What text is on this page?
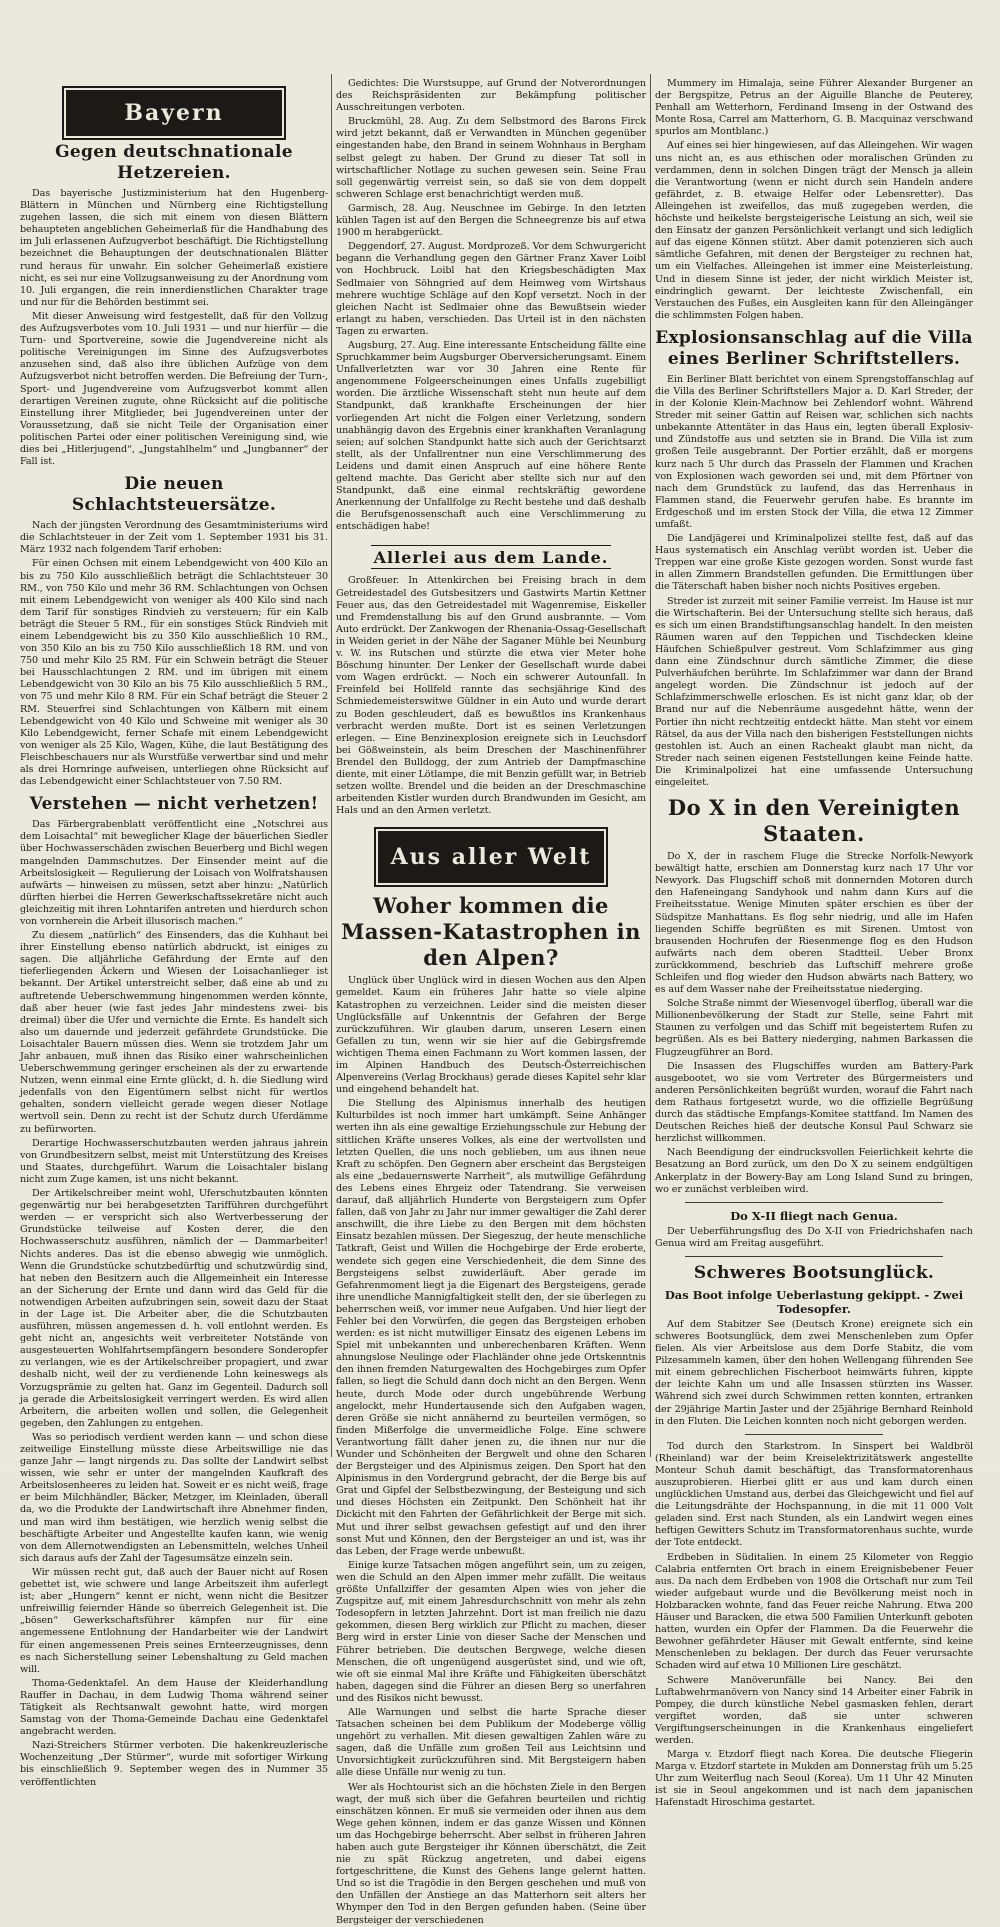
Bayern
Gegen deutschnationale Hetzereien.

Das bayerische Justizministerium hat den Hugenberg-Blättern in München und Nürnberg eine Richtigstellung zugehen lassen, die sich mit einem von diesen Blättern behaupteten angeblichen Geheimerlaß für die Handhabung des im Juli erlassenen Aufzugverbot beschäftigt. Die Richtigstellung bezeichnet die Behauptungen der deutschnationalen Blätter rund heraus für unwahr. Ein solcher Geheimerlaß existiere nicht, es sei nur eine Vollzugsanweisung zu der Anordnung vom 10. Juli ergangen, die rein innerdienstlichen Charakter trage und nur für die Behörden bestimmt sei.

Mit dieser Anweisung wird festgestellt, daß für den Vollzug des Aufzugsverbotes vom 10. Juli 1931 — und nur hierfür — die Turn- und Sportvereine, sowie die Jugendvereine nicht als politische Vereinigungen im Sinne des Aufzugsverbotes anzusehen sind, daß also ihre üblichen Aufzüge von dem Aufzugsverbot nicht betroffen werden. Die Befreiung der Turn-, Sport- und Jugendvereine vom Aufzugsverbot kommt allen derartigen Vereinen zugute, ohne Rücksicht auf die politische Einstellung ihrer Mitglieder, bei Jugendvereinen unter der Voraussetzung, daß sie nicht Teile der Organisation einer politischen Partei oder einer politischen Vereinigung sind, wie dies bei „Hitlerjugend“, „Jungstahlhelm“ und „Jungbanner“ der Fall ist.

Die neuen Schlachtsteuersätze.

Nach der jüngsten Verordnung des Gesamtministeriums wird die Schlachtsteuer in der Zeit vom 1. September 1931 bis 31. März 1932 nach folgendem Tarif erhoben:

Für einen Ochsen mit einem Lebendgewicht von 400 Kilo an bis zu 750 Kilo ausschließlich beträgt die Schlachtsteuer 30 RM., von 750 Kilo und mehr 36 RM. Schlachtungen von Ochsen mit einem Lebendgewicht von weniger als 400 Kilo sind nach dem Tarif für sonstiges Rindvieh zu versteuern; für ein Kalb beträgt die Steuer 5 RM., für ein sonstiges Stück Rindvieh mit einem Lebendgewicht bis zu 350 Kilo ausschließlich 10 RM., von 350 Kilo an bis zu 750 Kilo ausschließlich 18 RM. und von 750 und mehr Kilo 25 RM. Für ein Schwein beträgt die Steuer bei Hausschlachtungen 2 RM. und im übrigen mit einem Lebendgewicht von 30 Kilo an bis 75 Kilo ausschließlich 5 RM., von 75 und mehr Kilo 8 RM. Für ein Schaf beträgt die Steuer 2 RM. Steuerfrei sind Schlachtungen von Kälbern mit einem Lebendgewicht von 40 Kilo und Schweine mit weniger als 30 Kilo Lebendgewicht, ferner Schafe mit einem Lebendgewicht von weniger als 25 Kilo, Wagen, Kühe, die laut Bestätigung des Fleischbeschauers nur als Wurstfüße verwertbar sind und mehr als drei Hornringe aufweisen, unterliegen ohne Rücksicht auf das Lebendgewicht einer Schlachtsteuer von 7.50 RM.

Verstehen — nicht verhetzen!

Das Färbergrabenblatt veröffentlicht eine „Notschrei aus dem Loisachtal“ mit beweglicher Klage der bäuerlichen Siedler über Hochwasserschäden zwischen Beuerberg und Bichl wegen mangelnden Dammschutzes. Der Einsender meint auf die Arbeitslosigkeit — Regulierung der Loisach von Wolfratshausen aufwärts — hinweisen zu müssen, setzt aber hinzu: „Natürlich dürften hierbei die Herren Gewerkschaftssekretäre nicht auch gleichzeitig mit ihren Lohntarifen antreten und hierdurch schon von vornherein die Arbeit illusorisch machen.“

Zu diesem „natürlich“ des Einsenders, das die Kuhhaut bei ihrer Einstellung ebenso natürlich abdruckt, ist einiges zu sagen. Die alljährliche Gefährdung der Ernte auf den tieferliegenden Äckern und Wiesen der Loisachanlieger ist bekannt. Der Artikel unterstreicht selber, daß eine ab und zu auftretende Ueberschwemmung hingenommen werden könnte, daß aber heuer (wie fast jedes Jahr mindestens zwei- bis dreimal) über die Ufer und vernichte die Ernte. Es handelt sich also um dauernde und jederzeit gefährdete Grundstücke. Die Loisachtaler Bauern müssen dies. Wenn sie trotzdem Jahr um Jahr anbauen, muß ihnen das Risiko einer wahrscheinlichen Ueberschwemmung geringer erscheinen als der zu erwartende Nutzen, wenn einmal eine Ernte glückt, d. h. die Siedlung wird jedenfalls von den Eigentümern selbst nicht für wertlos gehalten, sondern vielleicht gerade wegen dieser Notlage wertvoll sein. Denn zu recht ist der Schutz durch Uferdämme zu befürworten.

Derartige Hochwasserschutzbauten werden jahraus jahrein von Grundbesitzern selbst, meist mit Unterstützung des Kreises und Staates, durchgeführt. Warum die Loisachtaler bislang nicht zum Zuge kamen, ist uns nicht bekannt.

Der Artikelschreiber meint wohl, Uferschutzbauten könnten gegenwärtig nur bei herabgesetzten Tarifführen durchgeführt werden — er verspricht sich also Wertverbesserung der Grundstücke teilweise auf Kosten derer, die den Hochwasserschutz ausführen, nämlich der — Dammarbeiter! Nichts anderes. Das ist die ebenso abwegig wie unmöglich. Wenn die Grundstücke schutzbedürftig und schutzwürdig sind, hat neben den Besitzern auch die Allgemeinheit ein Interesse an der Sicherung der Ernte und dann wird das Geld für die notwendigen Arbeiten aufzubringen sein, soweit dazu der Staat in der Lage ist. Die Arbeiter aber, die die Schutzbauten ausführen, müssen angemessen d. h. voll entlohnt werden. Es geht nicht an, angesichts weit verbreiteter Notstände von ausgesteuerten Wohlfahrtsempfängern besondere Sonderopfer zu verlangen, wie es der Artikelschreiber propagiert, und zwar deshalb nicht, weil der zu verdienende Lohn keineswegs als Vorzugsprämie zu gelten hat. Ganz im Gegenteil. Dadurch soll ja gerade die Arbeitslosigkeit verringert werden. Es wird allen Arbeitern, die arbeiten wollen und sollen, die Gelegenheit gegeben, den Zahlungen zu entgehen.

Was so periodisch verdient werden kann — und schon diese zeitweilige Einstellung müsste diese Arbeitswillige nie das ganze Jahr — langt nirgends zu. Das sollte der Landwirt selbst wissen, wie sehr er unter der mangelnden Kaufkraft des Arbeitslosenheeres zu leiden hat. Soweit er es nicht weiß, frage er beim Milchhändler, Bäcker, Metzger, im Kleinladen, überall da, wo die Produkte der Landwirtschaft ihre Abnehmer finden, und man wird ihm bestätigen, wie herzlich wenig selbst die beschäftigte Arbeiter und Angestellte kaufen kann, wie wenig von dem Allernotwendigsten an Lebensmitteln, welches Unheil sich daraus aufs der Zahl der Tagesumsätze einzeln sein.

Wir müssen recht gut, daß auch der Bauer nicht auf Rosen gebettet ist, wie schwere und lange Arbeitszeit ihm auferlegt ist; aber „Hungern“ kennt er nicht, wenn nicht die Besitzer unfreiwillig feiernder Hände so überreich Gelegenheit ist. Die „bösen“ Gewerkschaftsführer kämpfen nur für eine angemessene Entlohnung der Handarbeiter wie der Landwirt für einen angemessenen Preis seines Ernteerzeugnisses, denn es nach Sicherstellung seiner Lebenshaltung zu Geld machen will.

Thoma-Gedenktafel. An dem Hause der Kleiderhandlung Rauffer in Dachau, in dem Ludwig Thoma während seiner Tätigkeit als Rechtsanwalt gewohnt hatte, wird morgen Samstag von der Thoma-Gemeinde Dachau eine Gedenktafel angebracht werden.

Nazi-Streichers Stürmer verboten. Die hakenkreuzlerische Wochenzeitung „Der Stürmer“, wurde mit sofortiger Wirkung bis einschließlich 9. September wegen des in Nummer 35 veröffentlichten

Gedichtes: Die Wurstsuppe, auf Grund der Notverordnungen des Reichspräsidenten zur Bekämpfung politischer Ausschreitungen verboten.

Bruckmühl, 28. Aug. Zu dem Selbstmord des Barons Firck wird jetzt bekannt, daß er Verwandten in München gegenüber eingestanden habe, den Brand in seinem Wohnhaus in Bergham selbst gelegt zu haben. Der Grund zu dieser Tat soll in wirtschaftlicher Notlage zu suchen gewesen sein. Seine Frau soll gegenwärtig verreist sein, so daß sie von dem doppelt schweren Schlage erst benachrichtigt werden muß.

Garmisch, 28. Aug. Neuschnee im Gebirge. In den letzten kühlen Tagen ist auf den Bergen die Schneegrenze bis auf etwa 1900 m herabgerückt.

Deggendorf, 27. August. Mordprozeß. Vor dem Schwurgericht begann die Verhandlung gegen den Gärtner Franz Xaver Loibl von Hochbruck. Loibl hat den Kriegsbeschädigten Max Sedlmaier von Söhngried auf dem Heimweg vom Wirtshaus mehrere wuchtige Schläge auf den Kopf versetzt. Noch in der gleichen Nacht ist Sedlmaier ohne das Bewußtsein wieder erlangt zu haben, verschieden. Das Urteil ist in den nächsten Tagen zu erwarten.

Augsburg, 27. Aug. Eine interessante Entscheidung fällte eine Spruchkammer beim Augsburger Oberversicherungsamt. Einem Unfallverletzten war vor 30 Jahren eine Rente für angenommene Folgeerscheinungen eines Unfalls zugebilligt worden. Die ärztliche Wissenschaft steht nun heute auf dem Standpunkt, daß krankhafte Erscheinungen der hier vorliegenden Art nicht die Folgen einer Verletzung, sondern unabhängig davon des Ergebnis einer krankhaften Veranlagung seien; auf solchen Standpunkt hatte sich auch der Gerichtsarzt stellt, als der Unfallrentner nun eine Verschlimmerung des Leidens und damit einen Anspruch auf eine höhere Rente geltend machte. Das Gericht aber stellte sich nur auf den Standpunkt, daß eine einmal rechtskräftig gewordene Anerkennung der Unfallfolge zu Recht bestehe und daß deshalb die Berufsgenossenschaft auch eine Verschlimmerung zu entschädigen habe!

Allerlei aus dem Lande.

Großfeuer. In Attenkirchen bei Freising brach in dem Getreidestadel des Gutsbesitzers und Gastwirts Martin Kettner Feuer aus, das den Getreidestadel mit Wagenremise, Eiskeller und Fremdenstallung bis auf den Grund ausbrannte. — Vom Auto erdrückt. Der Zankwogen der Rhenania-Ossag-Gesellschaft in Weiden geriet in der Nähe der Saganer Mühle bei Neunburg v. W. ins Rutschen und stürzte die etwa vier Meter hohe Böschung hinunter. Der Lenker der Gesellschaft wurde dabei vom Wagen erdrückt. — Noch ein schwerer Autounfall. In Freinfeld bei Hollfeld rannte das sechsjährige Kind des Schmiedemeisterswitwe Güldner in ein Auto und wurde derart zu Boden geschleudert, daß es bewußtlos ins Krankenhaus verbracht werden mußte. Dort ist es seinen Verletzungen erlegen. — Eine Benzinexplosion ereignete sich in Leuchsdorf bei Gößweinstein, als beim Dreschen der Maschinenführer Brendel den Bulldogg, der zum Antrieb der Dampfmaschine diente, mit einer Lötlampe, die mit Benzin gefüllt war, in Betrieb setzen wollte. Brendel und die beiden an der Dreschmaschine arbeitenden Kistler wurden durch Brandwunden im Gesicht, am Hals und an den Armen verletzt.

Aus aller Welt
Woher kommen die Massen-Katastrophen in den Alpen?

Unglück über Unglück wird in diesen Wochen aus den Alpen gemeldet. Kaum ein früheres Jahr hatte so viele alpine Katastrophen zu verzeichnen. Leider sind die meisten dieser Unglücksfälle auf Unkenntnis der Gefahren der Berge zurückzuführen. Wir glauben darum, unseren Lesern einen Gefallen zu tun, wenn wir sie hier auf die Gebirgsfremde wichtigen Thema einen Fachmann zu Wort kommen lassen, der im Alpinen Handbuch des Deutsch-Österreichischen Alpenvereins (Verlag Brockhaus) gerade dieses Kapitel sehr klar und eingehend behandelt hat.

Die Stellung des Alpinismus innerhalb des heutigen Kulturbildes ist noch immer hart umkämpft. Seine Anhänger werten ihn als eine gewaltige Erziehungsschule zur Hebung der sittlichen Kräfte unseres Volkes, als eine der wertvollsten und letzten Quellen, die uns noch geblieben, um aus ihnen neue Kraft zu schöpfen. Den Gegnern aber erscheint das Bergsteigen als eine „bedauernswerte Narrheit“, als mutwillige Gefährdung des Lebens eines Ehrgeiz oder Tatendrang. Sie verweisen darauf, daß alljährlich Hunderte von Bergsteigern zum Opfer fallen, daß von Jahr zu Jahr nur immer gewaltiger die Zahl derer anschwillt, die ihre Liebe zu den Bergen mit dem höchsten Einsatz bezahlen müssen. Der Siegeszug, der heute menschliche Tatkraft, Geist und Willen die Hochgebirge der Erde eroberte, wendete sich gegen eine Verschiedenheit, die dem Sinne des Bergsteigens selbst zuwiderläuft. Aber gerade im Gefahrenmoment liegt ja die Eigenart des Bergsteigens, gerade ihre unendliche Mannigfaltigkeit stellt den, der sie überlegen zu beherrschen weiß, vor immer neue Aufgaben. Und hier liegt der Fehler bei den Vorwürfen, die gegen das Bergsteigen erhoben werden: es ist nicht mutwilliger Einsatz des eigenen Lebens im Spiel mit unbekannten und unberechenbaren Kräften. Wenn ahnungslose Neulinge oder Flachländer ohne jede Ortskenntnis den ihnen fremden Naturgewalten des Hochgebirges zum Opfer fallen, so liegt die Schuld dann doch nicht an den Bergen. Wenn heute, durch Mode oder durch ungebührende Werbung angelockt, mehr Hundertausende sich den Aufgaben wagen, deren Größe sie nicht annähernd zu beurteilen vermögen, so finden Mißerfolge die unvermeidliche Folge. Eine schwere Verantwortung fällt daher jenen zu, die ihnen nur nur die Wunder und Schönheiten der Bergwelt und ohne den Scharen der Bergsteiger und des Alpinismus zeigen. Den Sport hat den Alpinismus in den Vordergrund gebracht, der die Berge bis auf Grat und Gipfel der Selbstbezwingung, der Besteigung und sich und dieses Höchsten ein Zeitpunkt. Den Schönheit hat ihr Dickicht mit den Fahrten der Gefährlichkeit der Berge mit sich. Mut und ihrer selbst gewachsen gefestigt auf und den ihrer sonst Mut und Können, den der Bergsteiger an und ist, was ihr das Leben, der Frage werde unbewußt.

Einige kurze Tatsachen mögen angeführt sein, um zu zeigen, wen die Schuld an den Alpen immer mehr zufällt. Die weitaus größte Unfallziffer der gesamten Alpen wies von jeher die Zugspitze auf, mit einem Jahresdurchschnitt von mehr als zehn Todesopfern in letzten Jahrzehnt. Dort ist man freilich nie dazu gekommen, diesen Berg wirklich zur Pflicht zu machen, dieser Berg wird in erster Linie von dieser Sache der Menschen und Führer betrieben. Die deutschen Bergwege, welche diesen Menschen, die oft ungenügend ausgerüstet sind, und wie oft, wie oft sie einmal Mal ihre Kräfte und Fähigkeiten überschätzt haben, dagegen sind die Führer an diesen Berg so unerfahren und des Risikos nicht bewusst.

Alle Warnungen und selbst die harte Sprache dieser Tatsachen scheinen bei dem Publikum der Modeberge völlig ungehört zu verhallen. Mit diesen gewaltigen Zahlen wäre zu sagen, daß die Unfälle zum großen Teil aus Leichtsinn und Unvorsichtigkeit zurückzuführen sind. Mit Bergsteigern haben alle diese Unfälle nur wenig zu tun.

Wer als Hochtourist sich an die höchsten Ziele in den Bergen wagt, der muß sich über die Gefahren beurteilen und richtig einschätzen können. Er muß sie vermeiden oder ihnen aus dem Wege gehen können, indem er das ganze Wissen und Können um das Hochgebirge beherrscht. Aber selbst in früheren Jahren haben auch gute Bergsteiger ihr Können überschätzt, die Zeit nie zu spät Rückzug angetreten, und dabei eigens fortgeschrittene, die Kunst des Gehens lange gelernt hatten. Und so ist die Tragödie in den Bergen geschehen und muß von den Unfällen der Anstiege an das Matterhorn seit alters her Whymper den Tod in den Bergen gefunden haben. (Seine über Bergsteiger der verschiedenen

Mummery im Himalaja, seine Führer Alexander Burgener an der Bergspitze, Petrus an der Aiguille Blanche de Peuterey, Penhall am Wetterhorn, Ferdinand Imseng in der Ostwand des Monte Rosa, Carrel am Matterhorn, G. B. Macquinaz verschwand spurlos am Montblanc.)

Auf eines sei hier hingewiesen, auf das Alleingehen. Wir wagen uns nicht an, es aus ethischen oder moralischen Gründen zu verdammen, denn in solchen Dingen trägt der Mensch ja allein die Verantwortung (wenn er nicht durch sein Handeln andere gefährdet, z. B. etwaige Helfer oder Lebensretter). Das Alleingehen ist zweifellos, das muß zugegeben werden, die höchste und heikelste bergsteigerische Leistung an sich, weil sie den Einsatz der ganzen Persönlichkeit verlangt und sich lediglich auf das eigene Können stützt. Aber damit potenzieren sich auch sämtliche Gefahren, mit denen der Bergsteiger zu rechnen hat, um ein Vielfaches. Alleingehen ist immer eine Meisterleistung. Und in diesem Sinne ist jeder, der nicht wirklich Meister ist, eindringlich gewarnt. Der leichteste Zwischenfall, ein Verstauchen des Fußes, ein Ausgleiten kann für den Alleingänger die schlimmsten Folgen haben.

Explosionsanschlag auf die Villa eines Berliner Schriftstellers.

Ein Berliner Blatt berichtet von einem Sprengstoffanschlag auf die Villa des Berliner Schriftstellers Major a. D. Karl Streder, der in der Kolonie Klein-Machnow bei Zehlendorf wohnt. Während Streder mit seiner Gattin auf Reisen war, schlichen sich nachts unbekannte Attentäter in das Haus ein, legten überall Explosiv- und Zündstoffe aus und setzten sie in Brand. Die Villa ist zum großen Teile ausgebrannt. Der Portier erzählt, daß er morgens kurz nach 5 Uhr durch das Prasseln der Flammen und Krachen von Explosionen wach geworden sei und, mit dem Pförtner von nach dem Grundstück zu laufend, das das Herrenhaus in Flammen stand, die Feuerwehr gerufen habe. Es brannte im Erdgeschoß und im ersten Stock der Villa, die etwa 12 Zimmer umfaßt.

Die Landjägerei und Kriminalpolizei stellte fest, daß auf das Haus systematisch ein Anschlag verübt worden ist. Ueber die Treppen war eine große Kiste gezogen worden. Sonst wurde fast in allen Zimmern Brandstellen gefunden. Die Ermittlungen über die Täterschaft haben bisher noch nichts Positives ergeben.

Streder ist zurzeit mit seiner Familie verreist. Im Hause ist nur die Wirtschafterin. Bei der Untersuchung stellte sich heraus, daß es sich um einen Brandstiftungsanschlag handelt. In den meisten Räumen waren auf den Teppichen und Tischdecken kleine Häufchen Schießpulver gestreut. Vom Schlafzimmer aus ging dann eine Zündschnur durch sämtliche Zimmer, die diese Pulverhäufchen berührte. Im Schlafzimmer war dann der Brand angelegt worden. Die Zündschnur ist jedoch auf der Schlafzimmerschwelle erloschen. Es ist nicht ganz klar, ob der Brand nur auf die Nebenräume ausgedehnt hätte, wenn der Portier ihn nicht rechtzeitig entdeckt hätte. Man steht vor einem Rätsel, da aus der Villa nach den bisherigen Feststellungen nichts gestohlen ist. Auch an einen Racheakt glaubt man nicht, da Streder nach seinen eigenen Feststellungen keine Feinde hatte. Die Kriminalpolizei hat eine umfassende Untersuchung eingeleitet.

Do X in den Vereinigten Staaten.

Do X, der in raschem Fluge die Strecke Norfolk-Newyork bewältigt hatte, erschien am Donnerstag kurz nach 17 Uhr vor Newyork. Das Flugschiff schoß mit donnernden Motoren durch den Hafeneingang Sandyhook und nahm dann Kurs auf die Freiheitsstatue. Wenige Minuten später erschien es über der Südspitze Manhattans. Es flog sehr niedrig, und alle im Hafen liegenden Schiffe begrüßten es mit Sirenen. Umtost von brausenden Hochrufen der Riesenmenge flog es den Hudson aufwärts nach dem oberen Stadtteil. Ueber Bronx zurückkommend, beschrieb das Luftschiff mehrere große Schleifen und flog wieder den Hudson abwärts nach Battery, wo es auf dem Wasser nahe der Freiheitsstatue niederging.

Solche Straße nimmt der Wiesenvogel überflog, überall war die Millionenbevölkerung der Stadt zur Stelle, seine Fahrt mit Staunen zu verfolgen und das Schiff mit begeistertem Rufen zu begrüßen. Als es bei Battery niederging, nahmen Barkassen die Flugzeugführer an Bord.

Die Insassen des Flugschiffes wurden am Battery-Park ausgebootet, wo sie vom Vertreter des Bürgermeisters und anderen Persönlichkeiten begrüßt wurden, worauf die Fahrt nach dem Rathaus fortgesetzt wurde, wo die offizielle Begrüßung durch das städtische Empfangs-Komitee stattfand. Im Namen des Deutschen Reiches hieß der deutsche Konsul Paul Schwarz sie herzlichst willkommen.

Nach Beendigung der eindrucksvollen Feierlichkeit kehrte die Besatzung an Bord zurück, um den Do X zu seinem endgültigen Ankerplatz in der Bowery-Bay am Long Island Sund zu bringen, wo er zunächst verbleiben wird.

Do X-II fliegt nach Genua.

Der Ueberführungsflug des Do X-II von Friedrichshafen nach Genua wird am Freitag ausgeführt.

Schweres Bootsunglück.
Das Boot infolge Ueberlastung gekippt. - Zwei Todesopfer.

Auf dem Stabitzer See (Deutsch Krone) ereignete sich ein schweres Bootsunglück, dem zwei Menschenleben zum Opfer fielen. Als vier Arbeitslose aus dem Dorfe Stabitz, die vom Pilzesammeln kamen, über den hohen Wellengang führenden See mit einem gebrechlichen Fischerboot heimwärts fuhren, kippte der leichte Kahn um und alle Insassen stürzten ins Wasser. Während sich zwei durch Schwimmen retten konnten, ertranken der 29jährige Martin Jaster und der 25jährige Bernhard Reinhold in den Fluten. Die Leichen konnten noch nicht geborgen werden.

Tod durch den Starkstrom. In Sinspert bei Waldbröl (Rheinland) war der beim Kreiselektrizitätswerk angestellte Monteur Schuh damit beschäftigt, das Transformatorenhaus auszuprobieren. Hierbei glitt er aus und kam durch einen unglücklichen Umstand aus, derbei das Gleichgewicht und fiel auf die Leitungsdrähte der Hochspannung, in die mit 11 000 Volt geladen sind. Erst nach Stunden, als ein Landwirt wegen eines heftigen Gewitters Schutz im Transformatorenhaus suchte, wurde der Tote entdeckt.

Erdbeben in Süditalien. In einem 25 Kilometer von Reggio Calabria entfernten Ort brach in einem Ereignisbebener Feuer aus. Da nach dem Erdbeben von 1908 die Ortschaft nur zum Teil wieder aufgebaut wurde und die Bevölkerung meist noch in Holzbaracken wohnte, fand das Feuer reiche Nahrung. Etwa 200 Häuser und Baracken, die etwa 500 Familien Unterkunft geboten hatten, wurden ein Opfer der Flammen. Da die Feuerwehr die Bewohner gefährdeter Häuser mit Gewalt entfernte, sind keine Menschenleben zu beklagen. Der durch das Feuer verursachte Schaden wird auf etwa 10 Millionen Lire geschätzt.

Schwere Manöverunfälle bei Nancy. Bei den Luftabwehrmanövern von Nancy sind 14 Arbeiter einer Fabrik in Pompey, die durch künstliche Nebel gasmasken fehlen, derart vergiftet worden, daß sie unter schweren Vergiftungserscheinungen in die Krankenhaus eingeliefert werden.

Marga v. Etzdorf fliegt nach Korea. Die deutsche Fliegerin Marga v. Etzdorf startete in Mukden am Donnerstag früh um 5.25 Uhr zum Weiterflug nach Seoul (Korea). Um 11 Uhr 42 Minuten ist sie in Seoul angekommen und ist nach dem japanischen Hafenstadt Hiroschima gestartet.
